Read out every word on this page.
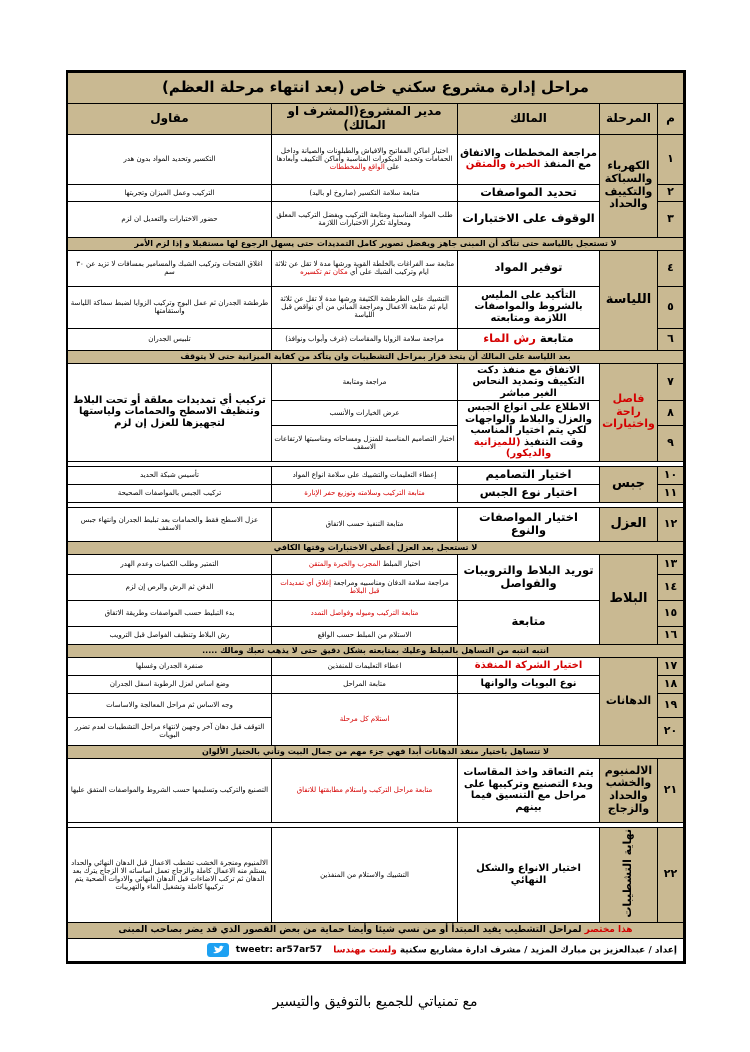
مراحل إدارة مشروع سكني خاص (بعد انتهاء مرحلة العظم)				
م	المرحلة	المالك	مدير المشروع(المشرف او المالك)	مقاول
١	الكهرباء والسباكة والتكييف والحداد	مراجعة المخططات والاتفاق مع المنفذ الخبرة والمتقن	اختيار اماكن المفاتيح والافياش والطبلونات والصيانة وداخل الحمامات وتحديد الديكورات المناسبة وأماكن التكييف وأبعادها على الواقع والمخططات	التكسير وتحديد المواد بدون هدر
٢		تحديد المواصفات	متابعة سلامة التكسير (صاروخ او باليد)	التركيب وعمل الميزان وتجربتها
٣		الوقوف على الاختبارات	طلب المواد المناسبة ومتابعة التركيب ويفضل التركيب المعلق ومحاولة تكرار الاختبارات اللازمة	حضور الاختبارات والتعديل ان لزم
لا تستعجل باللياسة حتى تتأكد أن المبنى جاهز ويفضل تصوير كامل التمديدات حتى يسهل الرجوع لها مستقبلا و إذا لزم الأمر				
٤	اللياسة	توفير المواد	متابعة سد الفراغات بالخلطة القوية ورشها مدة لا تقل عن ثلاثة ايام وتركيب الشبك على أي مكان تم تكسيره	اغلاق الفتحات وتركيب الشبك والمسامير بمسافات لا تزيد عن ٣٠ سم
٥		التأكيد على المليس بالشروط والمواصفات اللازمة ومتابعته	التشييك على الطرطشة الكثيفة ورشها مدة لا تقل عن ثلاثة ايام ثم متابعة الاعمال ومراجعة المباني من أي نواقص قبل اللياسة	طرطشة الجدران ثم عمل البوج وتركيب الزوايا لضبط سماكة اللياسة واستقامتها
٦		متابعة رش الماء	مراجعة سلامة الزوايا والمقاسات (غرف وأبواب ونوافذ)	تلبيس الجدران
بعد اللياسة على المالك أن يتخذ قرار بمراحل التشطيبات وان يتأكد من كفاية الميزانية حتى لا يتوقف				
٧	فاصل راحة واختيارات	الاتفاق مع منفذ دكت التكييف وتمديد النحاس الغير مباشر	مراجعة ومتابعة	تركيب أي تمديدات معلقة أو تحت البلاط وتنظيف الاسطح والحمامات ولياستها لتجهيزها للعزل إن لزم
٨		الاطلاع على انواع الجبس والعزل والبلاط والواجهات لكي يتم اختيار المناسب وقت التنفيذ (للميزانية والديكور)	عرض الخيارات والأنسب	
٩			اختيار التصاميم المناسبة للمنزل ومساحاته ومناسبتها لارتفاعات الاسقف	

١٠	جبس	اختيار التصاميم	إعطاء التعليمات والتشييك على سلامة انواع المواد	تأسيس شبكة الحديد
١١		اختيار نوع الجبس	متابعة التركيب وسلامته وتوزيع حفر الإنارة	تركيب الجبس بالمواصفات الصحيحة

١٢	العزل	اختيار المواصفات والنوع	متابعة التنفيذ حسب الاتفاق	عزل الاسطح فقط والحمامات بعد تبليط الجدران وانتهاء جبس الاسقف
لا تستعجل بعد العزل أعطي الاختبارات وقتها الكافي				
١٣	البلاط	توريد البلاط والترويبات والفواصل	اختيار المبلط المجرب والخبرة والمتقن	التمتير وطلب الكميات وعدم الهدر
١٤			مراجعة سلامة الدفان ومناسبيه ومراجعة إغلاق أي تمديدات قبل البلاط	الدفن ثم الرش والرص إن لزم
١٥		متابعة	متابعة التركيب وميوله وفواصل التمدد	بدء التبليط حسب المواصفات وطريقة الاتفاق
١٦			الاستلام من المبلط حسب الواقع	رش البلاط وتنظيف الفواصل قبل الترويب
انتبه انتبه من التساهل بالمبلط وعليك بمتابعته بشكل دقيق حتى لا يذهب تعبك ومالك .....				
١٧	الدهانات	اختيار الشركة المنفذة	اعطاء التعليمات للمنفذين	صنفرة الجدران وغسلها
١٨		نوع البويات والوانها	متابعة المراحل	وضع اساس لعزل الرطوبة اسفل الجدران
١٩			استلام كل مرحلة	وجه الاساس ثم مراحل المعالجة والاساسات
٢٠				التوقف قبل دهان آخر وجهين لانتهاء مراحل التشطيبات لعدم تضرر البويات
لا تتساهل باختيار منفذ الدهانات أبدا فهي جزء مهم من جمال البيت وتأني بالختيار الألوان				
٢١	الالمنيوم والخشب والحداد والزجاج	يتم التعاقد واخذ المقاسات وبدء التصنيع وتركيبها على مراحل مع التنسيق فيما بينهم	متابعة مراحل التركيب واستلام مطابقتها للاتفاق	التصنيع والتركيب وتسليمها حسب الشروط والمواصفات المتفق عليها

٢٢	نهاية التشطيبات	اختيار الانواع والشكل النهائي	التشييك والاستلام من المنفذين	الالمنيوم ومنجرة الخشب تشطب الاعمال قبل الدهان النهائي والحداد يستلم منه الاعمال كاملة والزجاج تعمل اساساته الا الزجاج يترك بعد الدهان ثم تركب الاضاءات قبل الدهان النهائي والادوات الصحية يتم تركيبها كاملة وتشغيل الماء والتهريبات
هذا مختصر لمراحل التشطيب يفيد المبتدأ أو من نسي شيئا وأيضا حماية من بعض القصور الذي قد يضر بصاحب المبنى				
إعداد / عبدالعزيز بن مبارك المزيد / مشرف ادارة مشاريع سكنية ولست مهندسا tweetr: ar57ar57				
مع تمنياتي للجميع بالتوفيق والتيسير
